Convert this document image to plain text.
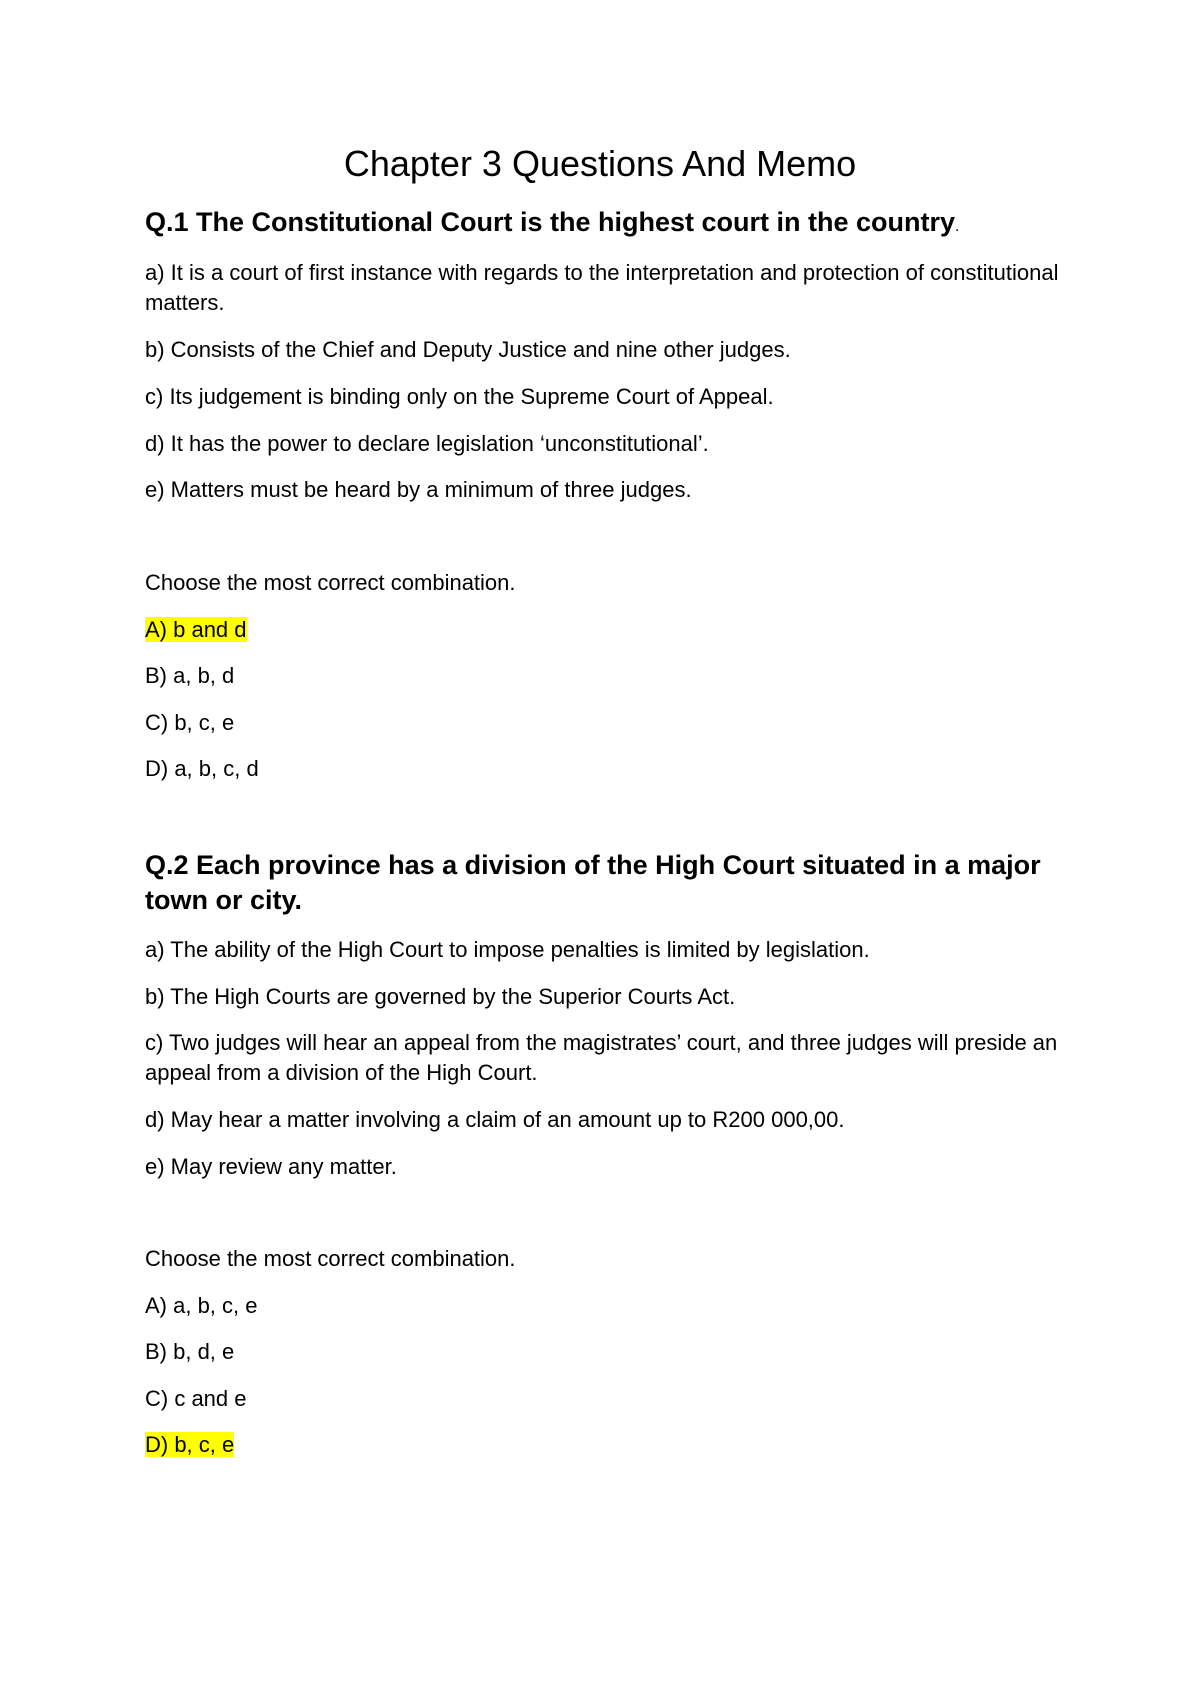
Chapter 3 Questions And Memo
Q.1 The Constitutional Court is the highest court in the country.

a) It is a court of first instance with regards to the interpretation and protection of constitutional matters.

b) Consists of the Chief and Deputy Justice and nine other judges.

c) Its judgement is binding only on the Supreme Court of Appeal.

d) It has the power to declare legislation ‘unconstitutional’.

e) Matters must be heard by a minimum of three judges.

Choose the most correct combination.

A) b and d

B) a, b, d

C) b, c, e

D) a, b, c, d

Q.2 Each province has a division of the High Court situated in a major town or city.

a) The ability of the High Court to impose penalties is limited by legislation.

b) The High Courts are governed by the Superior Courts Act.

c) Two judges will hear an appeal from the magistrates’ court, and three judges will preside an appeal from a division of the High Court.

d) May hear a matter involving a claim of an amount up to R200 000,00.

e) May review any matter.

Choose the most correct combination.

A) a, b, c, e

B) b, d, e

C) c and e

D) b, c, e
